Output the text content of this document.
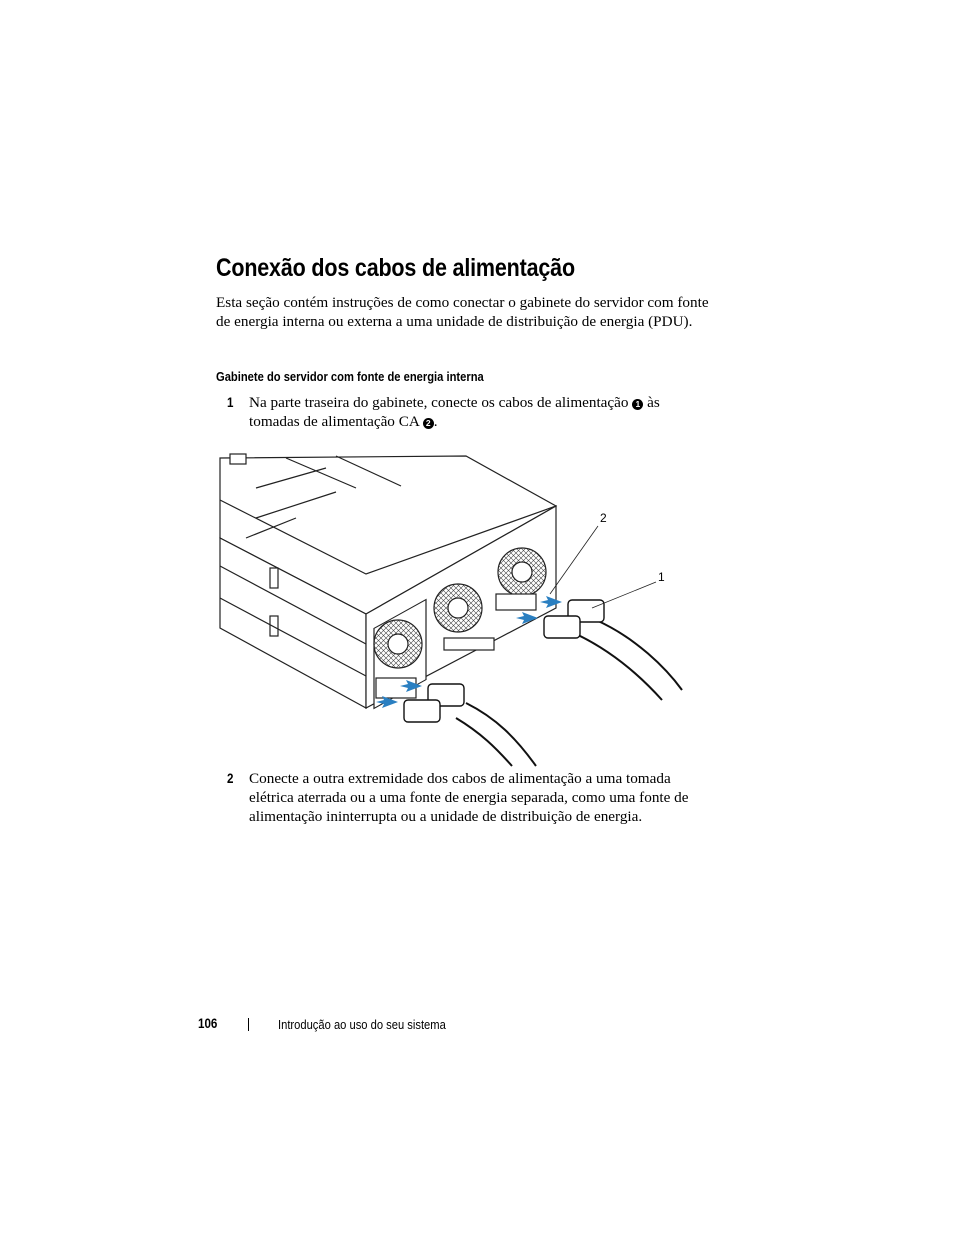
Conexão dos cabos de alimentação

Esta seção contém instruções de como conectar o gabinete do servidor com fonte de energia interna ou externa a uma unidade de distribuição de energia (PDU).

Gabinete do servidor com fonte de energia interna
1 Na parte traseira do gabinete, conecte os cabos de alimentação 1 às tomadas de alimentação CA 2 .

2
1
2 Conecte a outra extremidade dos cabos de alimentação a uma tomada elétrica aterrada ou a uma fonte de energia separada, como uma fonte de alimentação ininterrupta ou a unidade de distribuição de energia.

106	Introdução ao uso do seu sistema
